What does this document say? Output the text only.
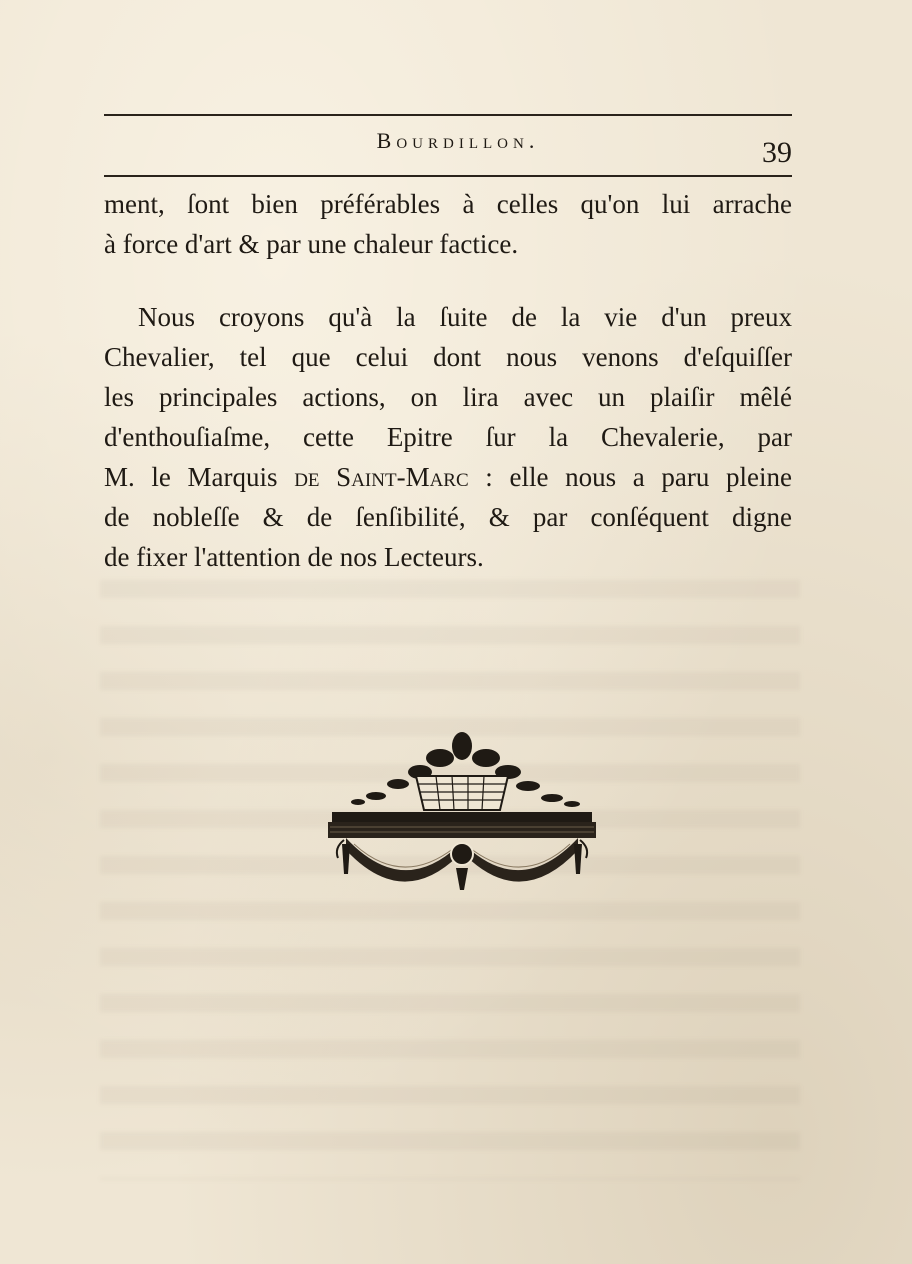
Bourdillon.	39
ment, ſont bien préférables à celles qu'on lui arrache
à force d'art & par une chaleur factice.
Nous croyons qu'à la ſuite de la vie d'un preux
Chevalier, tel que celui dont nous venons d'eſquiſſer
les principales actions, on lira avec un plaiſir mêlé
d'enthouſiaſme, cette Epitre ſur la Chevalerie, par
M. le Marquis de Saint-Marc : elle nous a paru pleine
de nobleſſe & de ſenſibilité, & par conſéquent digne
de fixer l'attention de nos Lecteurs.
